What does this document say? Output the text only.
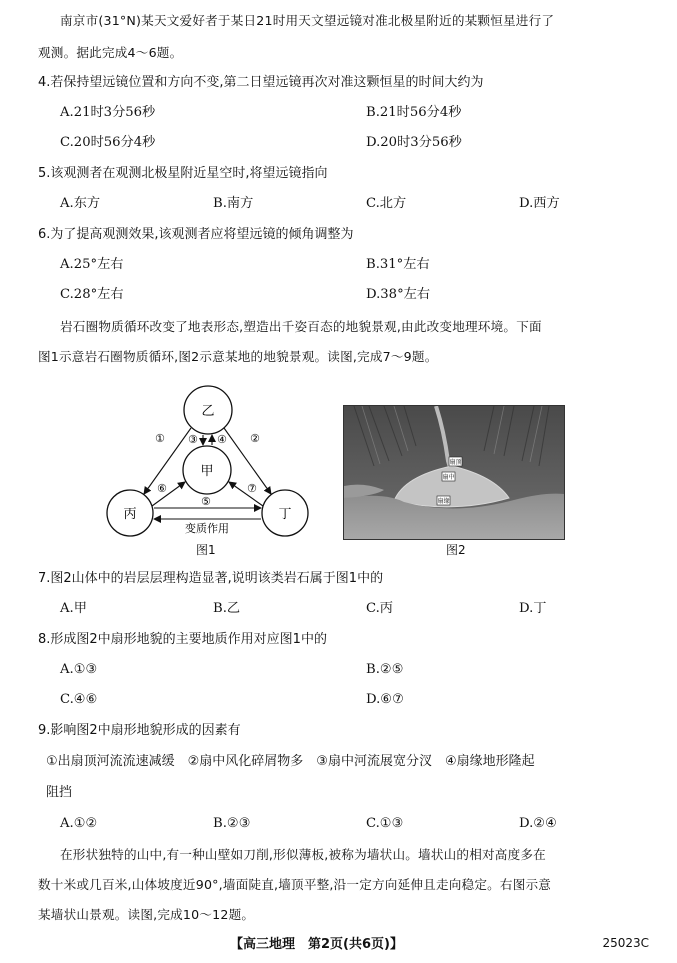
南京市(31°N)某天文爱好者于某日21时用天文望远镜对准北极星附近的某颗恒星进行了
观测。据此完成4～6题。
4.若保持望远镜位置和方向不变,第二日望远镜再次对准这颗恒星的时间大约为
A.21时3分56秒	B.21时56分4秒
C.20时56分4秒	D.20时3分56秒
5.该观测者在观测北极星附近星空时,将望远镜指向
A.东方	B.南方	C.北方	D.西方
6.为了提高观测效果,该观测者应将望远镜的倾角调整为
A.25°左右	B.31°左右
C.28°左右	D.38°左右
岩石圈物质循环改变了地表形态,塑造出千姿百态的地貌景观,由此改变地理环境。下面
图1示意岩石圈物质循环,图2示意某地的地貌景观。读图,完成7～9题。
乙
甲
丙	丁
①	②
③ ④
⑥	⑦
⑤
变质作用
图1
扇顶
扇中
扇缘
图2
7.图2山体中的岩层层理构造显著,说明该类岩石属于图1中的
A.甲	B.乙	C.丙	D.丁
8.形成图2中扇形地貌的主要地质作用对应图1中的
A.①③	B.②⑤
C.④⑥	D.⑥⑦
9.影响图2中扇形地貌形成的因素有
①出扇顶河流流速减缓　②扇中风化碎屑物多　③扇中河流展宽分汊　④扇缘地形隆起
阻挡
A.①②	B.②③	C.①③	D.②④
在形状独特的山中,有一种山壁如刀削,形似薄板,被称为墙状山。墙状山的相对高度多在
数十米或几百米,山体坡度近90°,墙面陡直,墙顶平整,沿一定方向延伸且走向稳定。右图示意
某墙状山景观。读图,完成10～12题。
【高三地理　第2页(共6页)】	25023C
